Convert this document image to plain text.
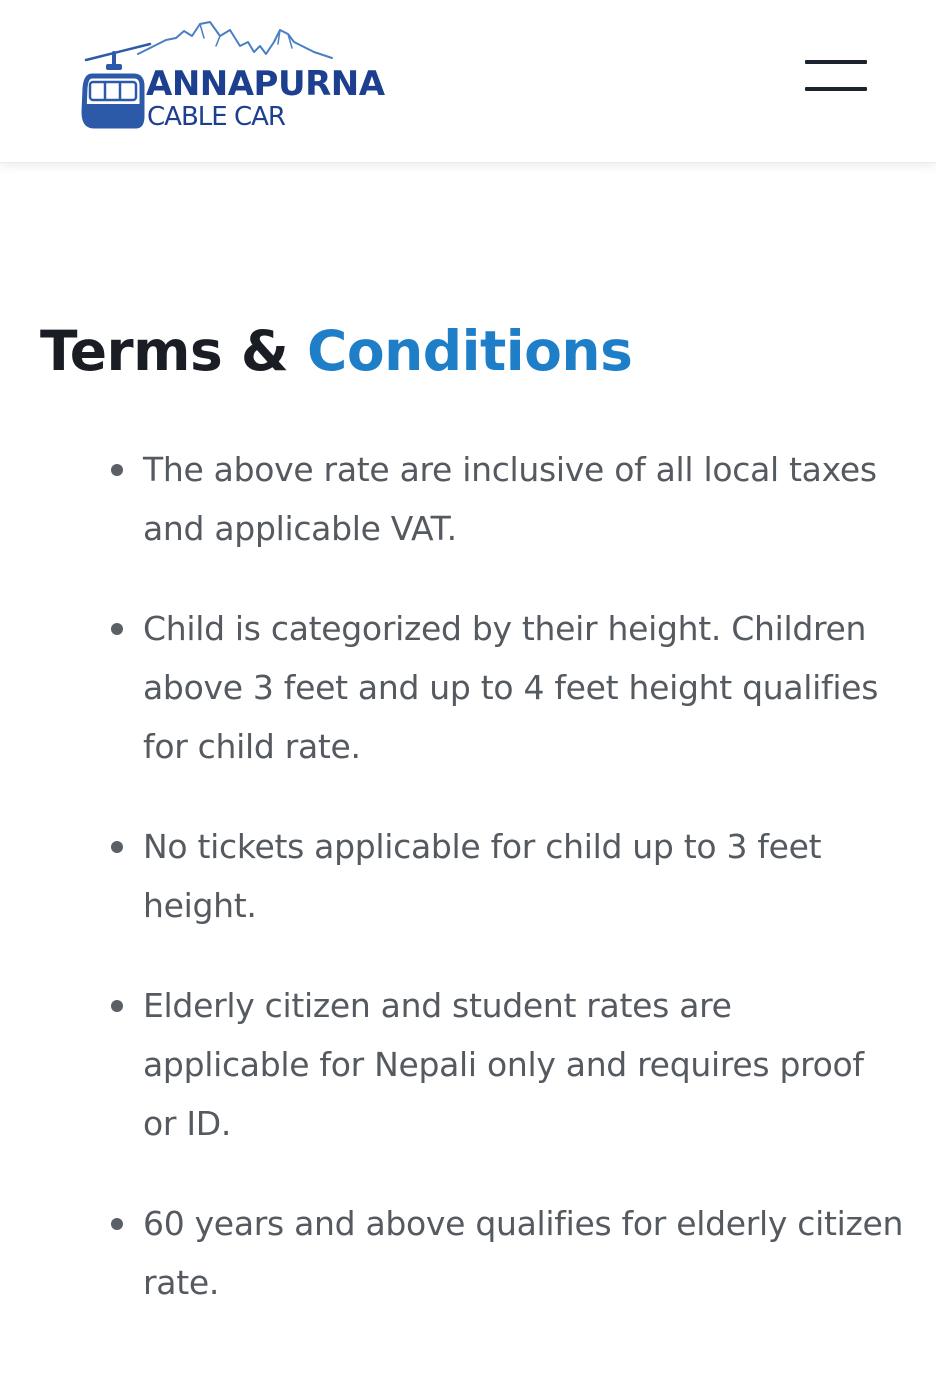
ANNAPURNA
CABLE CAR
Terms & Conditions
The above rate are inclusive of all local taxes and applicable VAT.
Child is categorized by their height. Children above 3 feet and up to 4 feet height qualifies for child rate.
No tickets applicable for child up to 3 feet height.
Elderly citizen and student rates are applicable for Nepali only and requires proof or ID.
60 years and above qualifies for elderly citizen rate.
